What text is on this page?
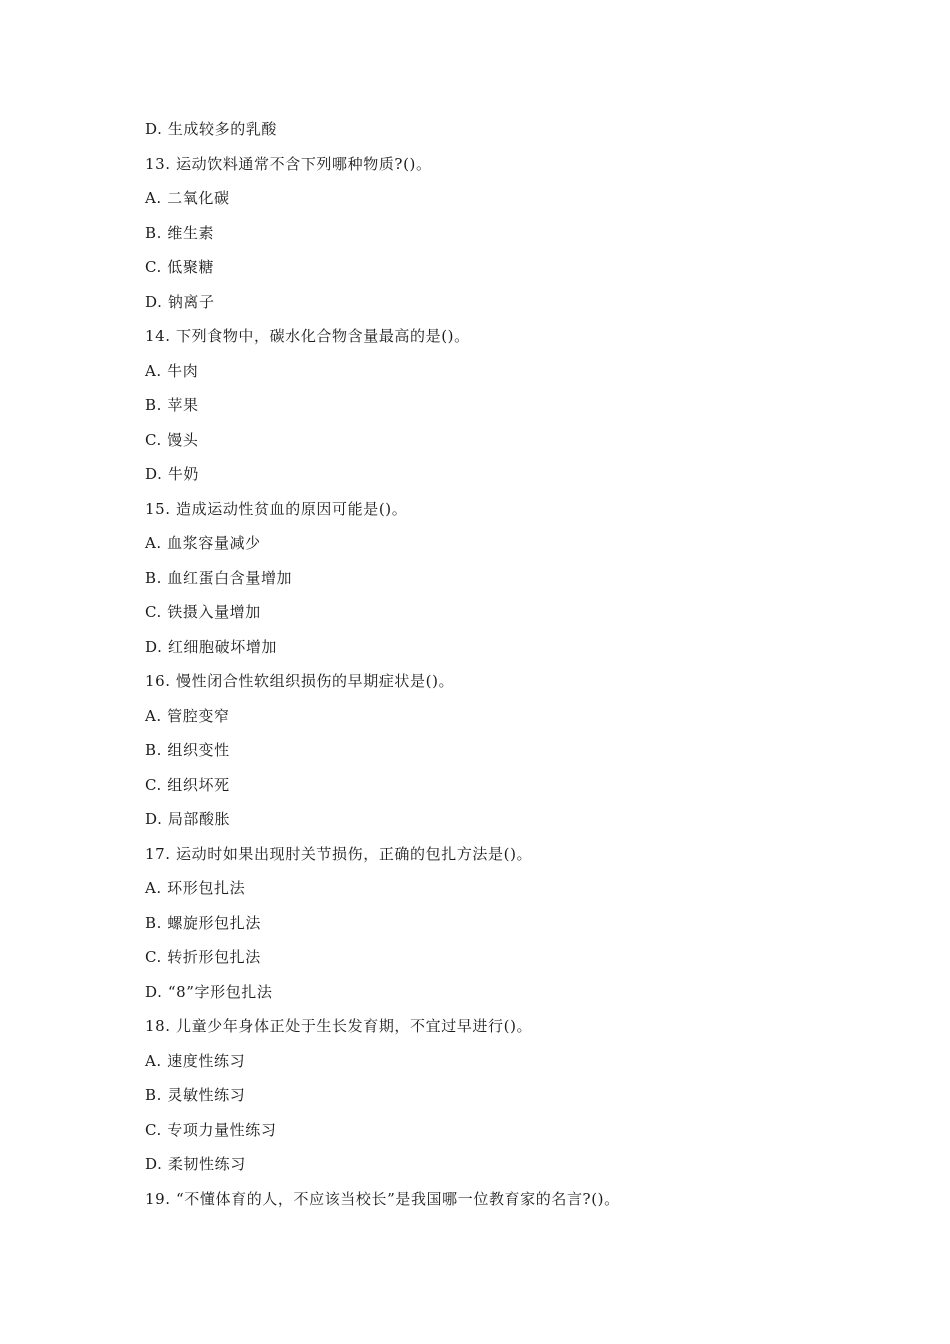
D. 生成较多的乳酸
13. 运动饮料通常不含下列哪种物质?()。
A. 二氧化碳
B. 维生素
C. 低聚糖
D. 钠离子
14. 下列食物中，碳水化合物含量最高的是()。
A. 牛肉
B. 苹果
C. 馒头
D. 牛奶
15. 造成运动性贫血的原因可能是()。
A. 血浆容量减少
B. 血红蛋白含量增加
C. 铁摄入量增加
D. 红细胞破坏增加
16. 慢性闭合性软组织损伤的早期症状是()。
A. 管腔变窄
B. 组织变性
C. 组织坏死
D. 局部酸胀
17. 运动时如果出现肘关节损伤，正确的包扎方法是()。
A. 环形包扎法
B. 螺旋形包扎法
C. 转折形包扎法
D. “8”字形包扎法
18. 儿童少年身体正处于生长发育期，不宜过早进行()。
A. 速度性练习
B. 灵敏性练习
C. 专项力量性练习
D. 柔韧性练习
19. “不懂体育的人，不应该当校长”是我国哪一位教育家的名言?()。
